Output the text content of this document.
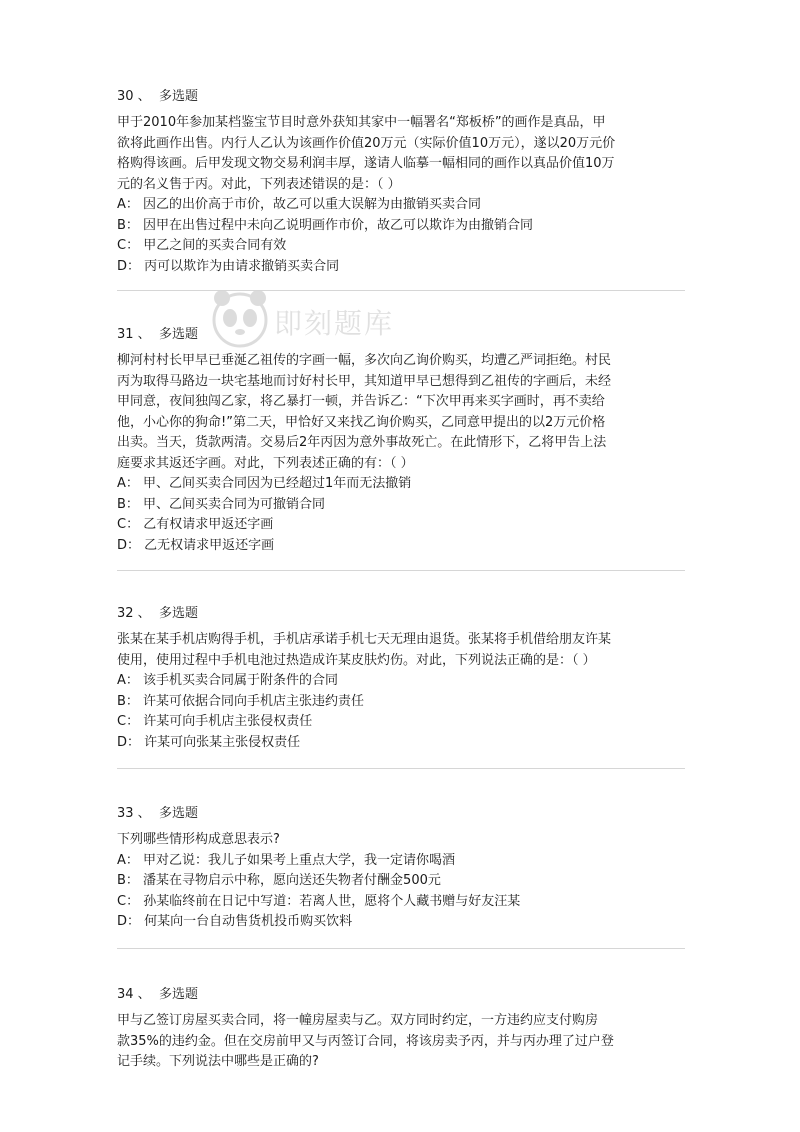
即刻题库
30 、 多选题
甲于2010年参加某档鉴宝节目时意外获知其家中一幅署名“郑板桥”的画作是真品，甲
欲将此画作出售。内行人乙认为该画作价值20万元（实际价值10万元），遂以20万元价
格购得该画。后甲发现文物交易利润丰厚，遂请人临摹一幅相同的画作以真品价值10万
元的名义售于丙。对此，下列表述错误的是：（ ）
A： 因乙的出价高于市价，故乙可以重大误解为由撤销买卖合同
B： 因甲在出售过程中未向乙说明画作市价，故乙可以欺诈为由撤销合同
C： 甲乙之间的买卖合同有效
D： 丙可以欺诈为由请求撤销买卖合同
31 、 多选题
柳河村村长甲早已垂涎乙祖传的字画一幅，多次向乙询价购买，均遭乙严词拒绝。村民
丙为取得马路边一块宅基地而讨好村长甲，其知道甲早已想得到乙祖传的字画后，未经
甲同意，夜间独闯乙家，将乙暴打一顿，并告诉乙：“下次甲再来买字画时，再不卖给
他，小心你的狗命!”第二天，甲恰好又来找乙询价购买，乙同意甲提出的以2万元价格
出卖。当天，货款两清。交易后2年丙因为意外事故死亡。在此情形下，乙将甲告上法
庭要求其返还字画。对此，下列表述正确的有：（ ）
A： 甲、乙间买卖合同因为已经超过1年而无法撤销
B： 甲、乙间买卖合同为可撤销合同
C： 乙有权请求甲返还字画
D： 乙无权请求甲返还字画
32 、 多选题
张某在某手机店购得手机，手机店承诺手机七天无理由退货。张某将手机借给朋友许某
使用，使用过程中手机电池过热造成许某皮肤灼伤。对此，下列说法正确的是：（ ）
A： 该手机买卖合同属于附条件的合同
B： 许某可依据合同向手机店主张违约责任
C： 许某可向手机店主张侵权责任
D： 许某可向张某主张侵权责任
33 、 多选题
下列哪些情形构成意思表示?
A： 甲对乙说：我儿子如果考上重点大学，我一定请你喝酒
B： 潘某在寻物启示中称，愿向送还失物者付酬金500元
C： 孙某临终前在日记中写道：若离人世，愿将个人藏书赠与好友汪某
D： 何某向一台自动售货机投币购买饮料
34 、 多选题
甲与乙签订房屋买卖合同，将一幢房屋卖与乙。双方同时约定，一方违约应支付购房
款35%的违约金。但在交房前甲又与丙签订合同，将该房卖予丙，并与丙办理了过户登
记手续。下列说法中哪些是正确的?
